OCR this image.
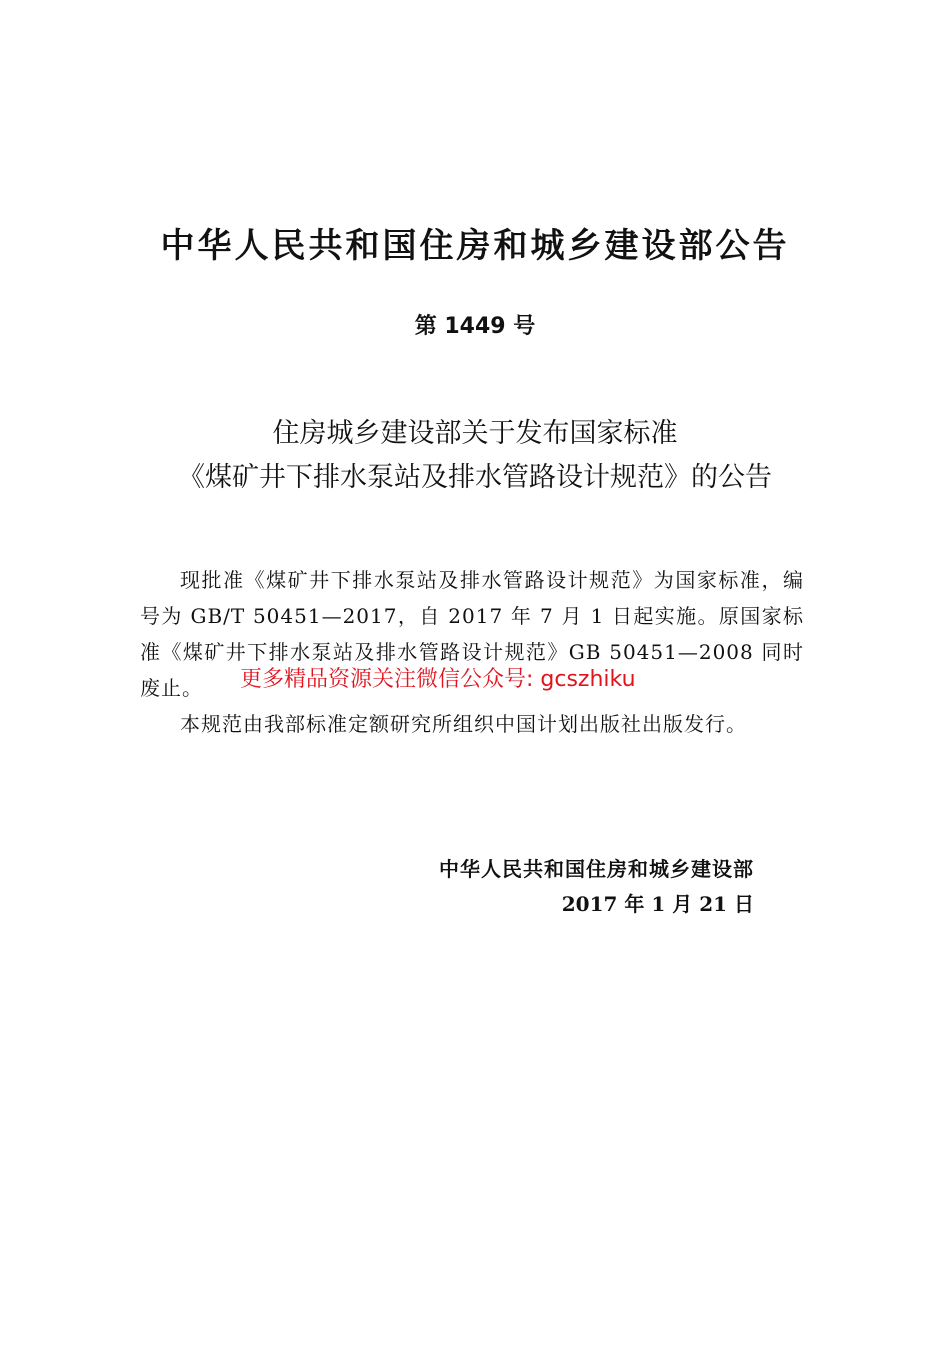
中华人民共和国住房和城乡建设部公告
第 1449 号
住房城乡建设部关于发布国家标准
《煤矿井下排水泵站及排水管路设计规范》的公告

现批准《煤矿井下排水泵站及排水管路设计规范》为国家标准，编号为 GB/T 50451—2017，自 2017 年 7 月 1 日起实施。原国家标准《煤矿井下排水泵站及排水管路设计规范》GB 50451—2008 同时废止。

本规范由我部标准定额研究所组织中国计划出版社出版发行。

更多精品资源关注微信公众号: gcszhiku
中华人民共和国住房和城乡建设部
2017 年 1 月 21 日
